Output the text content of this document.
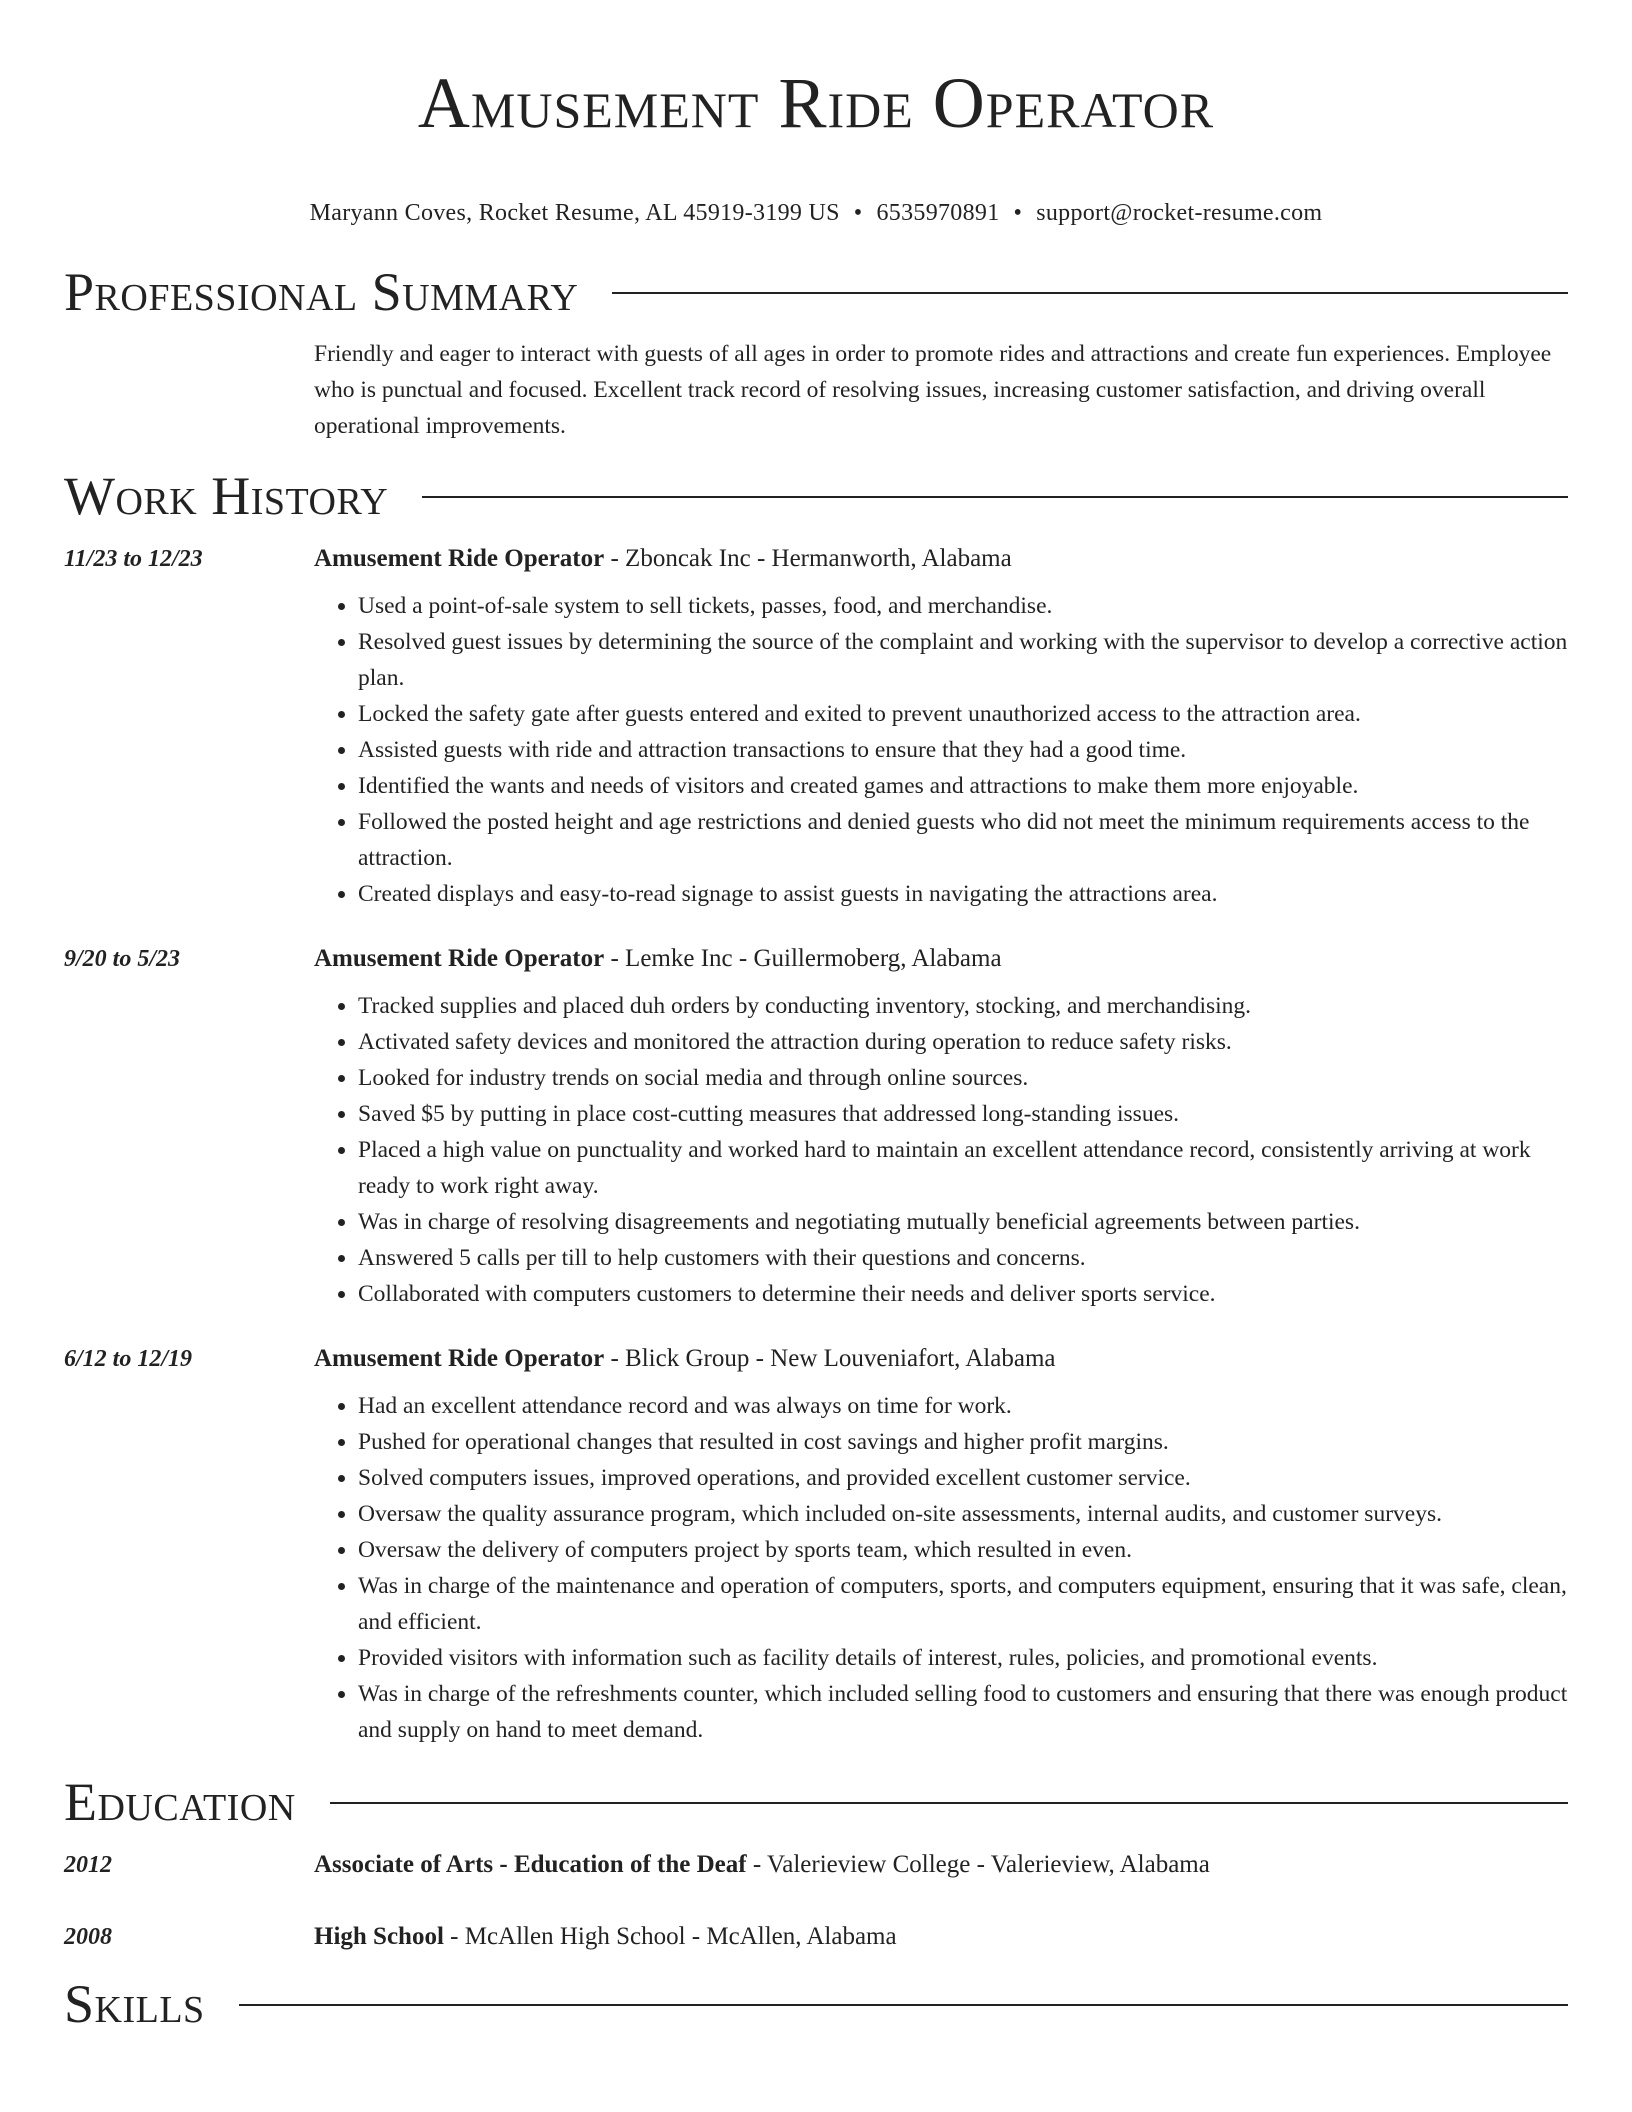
Amusement Ride Operator
Maryann Coves, Rocket Resume, AL 45919-3199 US • 6535970891 • support@rocket-resume.com
Professional Summary

Friendly and eager to interact with guests of all ages in order to promote rides and attractions and create fun experiences. Employee who is punctual and focused. Excellent track record of resolving issues, increasing customer satisfaction, and driving overall operational improvements.

Work History
11/23 to 12/23	Amusement Ride Operator - Zboncak Inc - Hermanworth, Alabama
• Used a point-of-sale system to sell tickets, passes, food, and merchandise.
• Resolved guest issues by determining the source of the complaint and working with the supervisor to develop a corrective action plan.
• Locked the safety gate after guests entered and exited to prevent unauthorized access to the attraction area.
• Assisted guests with ride and attraction transactions to ensure that they had a good time.
• Identified the wants and needs of visitors and created games and attractions to make them more enjoyable.
• Followed the posted height and age restrictions and denied guests who did not meet the minimum requirements access to the attraction.
• Created displays and easy-to-read signage to assist guests in navigating the attractions area.
9/20 to 5/23	Amusement Ride Operator - Lemke Inc - Guillermoberg, Alabama
• Tracked supplies and placed duh orders by conducting inventory, stocking, and merchandising.
• Activated safety devices and monitored the attraction during operation to reduce safety risks.
• Looked for industry trends on social media and through online sources.
• Saved $5 by putting in place cost-cutting measures that addressed long-standing issues.
• Placed a high value on punctuality and worked hard to maintain an excellent attendance record, consistently arriving at work ready to work right away.
• Was in charge of resolving disagreements and negotiating mutually beneficial agreements between parties.
• Answered 5 calls per till to help customers with their questions and concerns.
• Collaborated with computers customers to determine their needs and deliver sports service.
6/12 to 12/19	Amusement Ride Operator - Blick Group - New Louveniafort, Alabama
• Had an excellent attendance record and was always on time for work.
• Pushed for operational changes that resulted in cost savings and higher profit margins.
• Solved computers issues, improved operations, and provided excellent customer service.
• Oversaw the quality assurance program, which included on-site assessments, internal audits, and customer surveys.
• Oversaw the delivery of computers project by sports team, which resulted in even.
• Was in charge of the maintenance and operation of computers, sports, and computers equipment, ensuring that it was safe, clean, and efficient.
• Provided visitors with information such as facility details of interest, rules, policies, and promotional events.
• Was in charge of the refreshments counter, which included selling food to customers and ensuring that there was enough product and supply on hand to meet demand.
Education
2012	Associate of Arts - Education of the Deaf - Valerieview College - Valerieview, Alabama
2008	High School - McAllen High School - McAllen, Alabama
Skills
